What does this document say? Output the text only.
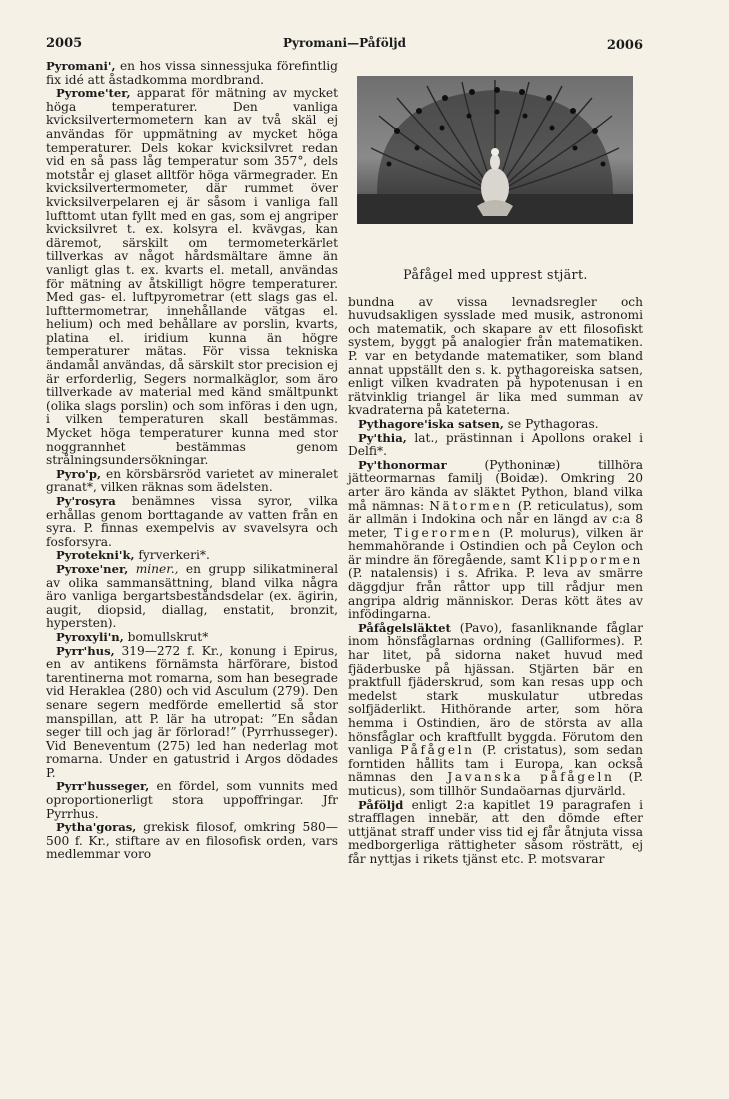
2005	Pyromani—Påföljd	2006

Pyromani', en hos vissa sinnessjuka förefintlig fix idé att åstadkomma mordbrand.

Pyrome'ter, apparat för mätning av mycket höga temperaturer. Den vanliga kvicksilvertermometern kan av två skäl ej användas för uppmätning av mycket höga temperaturer. Dels kokar kvicksilvret redan vid en så pass låg temperatur som 357°, dels motstår ej glaset alltför höga värmegrader. En kvicksilvertermometer, där rummet över kvicksilverpelaren ej är såsom i vanliga fall lufttomt utan fyllt med en gas, som ej angriper kvicksilvret t. ex. kolsyra el. kvävgas, kan däremot, särskilt om termometerkärlet tillverkas av något hårdsmältare ämne än vanligt glas t. ex. kvarts el. metall, användas för mätning av åtskilligt högre temperaturer. Med gas- el. luftpyrometrar (ett slags gas el. lufttermometrar, innehållande vätgas el. helium) och med behållare av porslin, kvarts, platina el. iridium kunna än högre temperaturer mätas. För vissa tekniska ändamål användas, då särskilt stor precision ej är erforderlig, Segers normalkäglor, som äro tillverkade av material med känd smältpunkt (olika slags porslin) och som införas i den ugn, i vilken temperaturen skall bestämmas. Mycket höga temperaturer kunna med stor noggrannhet bestämmas genom strålningsundersökningar.

Pyro'p, en körsbärsröd varietet av mineralet granat*, vilken räknas som ädelsten.

Py'rosyra benämnes vissa syror, vilka erhållas genom borttagande av vatten från en syra. P. finnas exempelvis av svavelsyra och fosforsyra.

Pyrotekni'k, fyrverkeri*.

Pyroxe'ner, miner., en grupp silikatmineral av olika sammansättning, bland vilka några äro vanliga bergartsbeståndsdelar (ex. ägirin, augit, diopsid, diallag, enstatit, bronzit, hypersten).

Pyroxyli'n, bomullskrut*

Pyrr'hus, 319—272 f. Kr., konung i Epirus, en av antikens förnämsta härförare, bistod tarentinerna mot romarna, som han besegrade vid Heraklea (280) och vid Asculum (279). Den senare segern medförde emellertid så stor manspillan, att P. lär ha utropat: ”En sådan seger till och jag är förlorad!” (Pyrrhusseger). Vid Beneventum (275) led han nederlag mot romarna. Under en gatustrid i Argos dödades P.

Pyrr'husseger, en fördel, som vunnits med oproportionerligt stora uppoffringar. Jfr Pyrrhus.

Pytha'goras, grekisk filosof, omkring 580—500 f. Kr., stiftare av en filosofisk orden, vars medlemmar voro

Påfågel med upprest stjärt.

bundna av vissa levnadsregler och huvudsakligen sysslade med musik, astronomi och matematik, och skapare av ett filosofiskt system, byggt på analogier från matematiken. P. var en betydande matematiker, som bland annat uppställt den s. k. pythagoreiska satsen, enligt vilken kvadraten på hypotenusan i en rätvinklig triangel är lika med summan av kvadraterna på kateterna.

Pythagore'iska satsen, se Pythagoras.

Py'thia, lat., prästinnan i Apollons orakel i Delfi*.

Py'thonormar (Pythoninæ) tillhöra jätteormarnas familj (Boidæ). Omkring 20 arter äro kända av släktet Python, bland vilka må nämnas: Nätormen (P. reticulatus), som är allmän i Indokina och når en längd av c:a 8 meter, Tigerormen (P. molurus), vilken är hemmahörande i Ostindien och på Ceylon och är mindre än föregående, samt Klippormen (P. natalensis) i s. Afrika. P. leva av smärre däggdjur från råttor upp till rådjur men angripa aldrig människor. Deras kött ätes av infödingarna.

Påfågelsläktet (Pavo), fasanliknande fåglar inom hönsfåglarnas ordning (Galliformes). P. har litet, på sidorna naket huvud med fjäderbuske på hjässan. Stjärten bär en praktfull fjäderskrud, som kan resas upp och medelst stark muskulatur utbredas solfjäderlikt. Hithörande arter, som höra hemma i Ostindien, äro de största av alla hönsfåglar och kraftfullt byggda. Förutom den vanliga Påfågeln (P. cristatus), som sedan forntiden hållits tam i Europa, kan också nämnas den Javanska påfågeln (P. muticus), som tillhör Sundaöarnas djurvärld.

Påföljd enligt 2:a kapitlet 19 paragrafen i strafflagen innebär, att den dömde efter uttjänat straff under viss tid ej får åtnjuta vissa medborgerliga rättigheter såsom rösträtt, ej får nyttjas i rikets tjänst etc. P. motsvarar
